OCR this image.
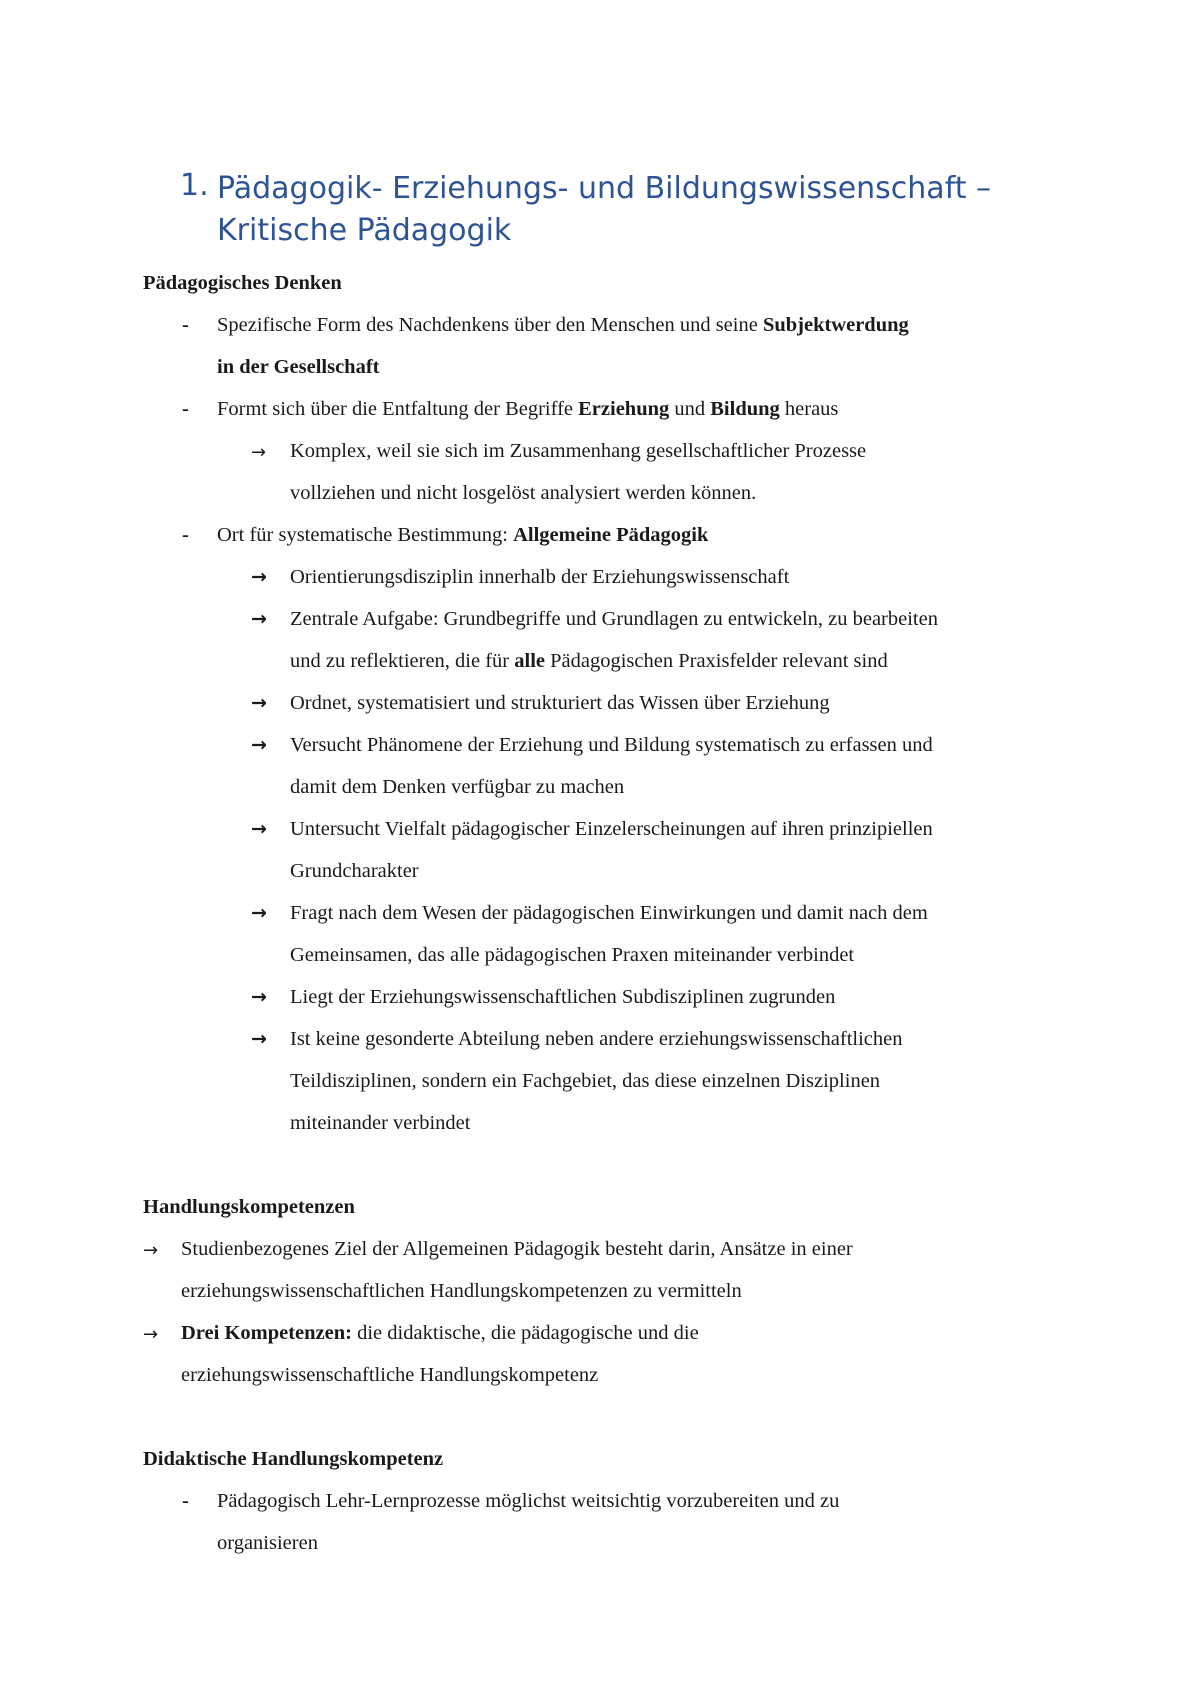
1. Pädagogik- Erziehungs- und Bildungswissenschaft –
Kritische Pädagogik
Pädagogisches Denken
- Spezifische Form des Nachdenkens über den Menschen und seine Subjektwerdung
in der Gesellschaft
- Formt sich über die Entfaltung der Begriffe Erziehung und Bildung heraus
→ Komplex, weil sie sich im Zusammenhang gesellschaftlicher Prozesse
vollziehen und nicht losgelöst analysiert werden können.
- Ort für systematische Bestimmung: Allgemeine Pädagogik
→ Orientierungsdisziplin innerhalb der Erziehungswissenschaft
→ Zentrale Aufgabe: Grundbegriffe und Grundlagen zu entwickeln, zu bearbeiten
und zu reflektieren, die für alle Pädagogischen Praxisfelder relevant sind
→ Ordnet, systematisiert und strukturiert das Wissen über Erziehung
→ Versucht Phänomene der Erziehung und Bildung systematisch zu erfassen und
damit dem Denken verfügbar zu machen
→ Untersucht Vielfalt pädagogischer Einzelerscheinungen auf ihren prinzipiellen
Grundcharakter
→ Fragt nach dem Wesen der pädagogischen Einwirkungen und damit nach dem
Gemeinsamen, das alle pädagogischen Praxen miteinander verbindet
→ Liegt der Erziehungswissenschaftlichen Subdisziplinen zugrunden
→ Ist keine gesonderte Abteilung neben andere erziehungswissenschaftlichen
Teildisziplinen, sondern ein Fachgebiet, das diese einzelnen Disziplinen
miteinander verbindet
Handlungskompetenzen
→ Studienbezogenes Ziel der Allgemeinen Pädagogik besteht darin, Ansätze in einer
erziehungswissenschaftlichen Handlungskompetenzen zu vermitteln
→ Drei Kompetenzen: die didaktische, die pädagogische und die
erziehungswissenschaftliche Handlungskompetenz
Didaktische Handlungskompetenz
- Pädagogisch Lehr-Lernprozesse möglichst weitsichtig vorzubereiten und zu
organisieren
